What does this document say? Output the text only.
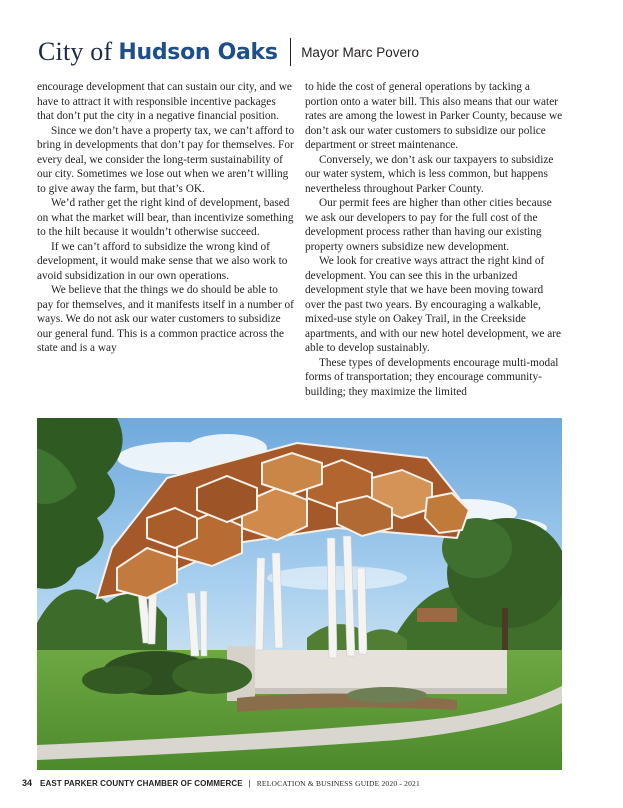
City of Hudson Oaks Mayor Marc Povero

encourage development that can sustain our city, and we have to attract it with responsible incentive packages that don’t put the city in a negative financial position.

Since we don’t have a property tax, we can’t afford to bring in developments that don’t pay for themselves. For every deal, we consider the long-term sustainability of our city. Sometimes we lose out when we aren’t willing to give away the farm, but that’s OK.

We’d rather get the right kind of development, based on what the market will bear, than incentivize something to the hilt because it wouldn’t otherwise succeed.

If we can’t afford to subsidize the wrong kind of development, it would make sense that we also work to avoid subsidization in our own operations.

We believe that the things we do should be able to pay for themselves, and it manifests itself in a number of ways. We do not ask our water customers to subsidize our general fund. This is a common practice across the state and is a way

to hide the cost of general operations by tacking a portion onto a water bill. This also means that our water rates are among the lowest in Parker County, because we don’t ask our water customers to subsidize our police department or street maintenance.

Conversely, we don’t ask our taxpayers to subsidize our water system, which is less common, but happens nevertheless throughout Parker County.

Our permit fees are higher than other cities because we ask our developers to pay for the full cost of the development process rather than having our existing property owners subsidize new development.

We look for creative ways attract the right kind of development. You can see this in the urbanized development style that we have been moving toward over the past two years. By encouraging a walkable, mixed-use style on Oakey Trail, in the Creekside apartments, and with our new hotel development, we are able to develop sustainably.

These types of developments encourage multi-modal forms of transportation; they encourage community-building; they maximize the limited

34 EAST PARKER COUNTY CHAMBER OF COMMERCE | RELOCATION & BUSINESS GUIDE 2020 - 2021
